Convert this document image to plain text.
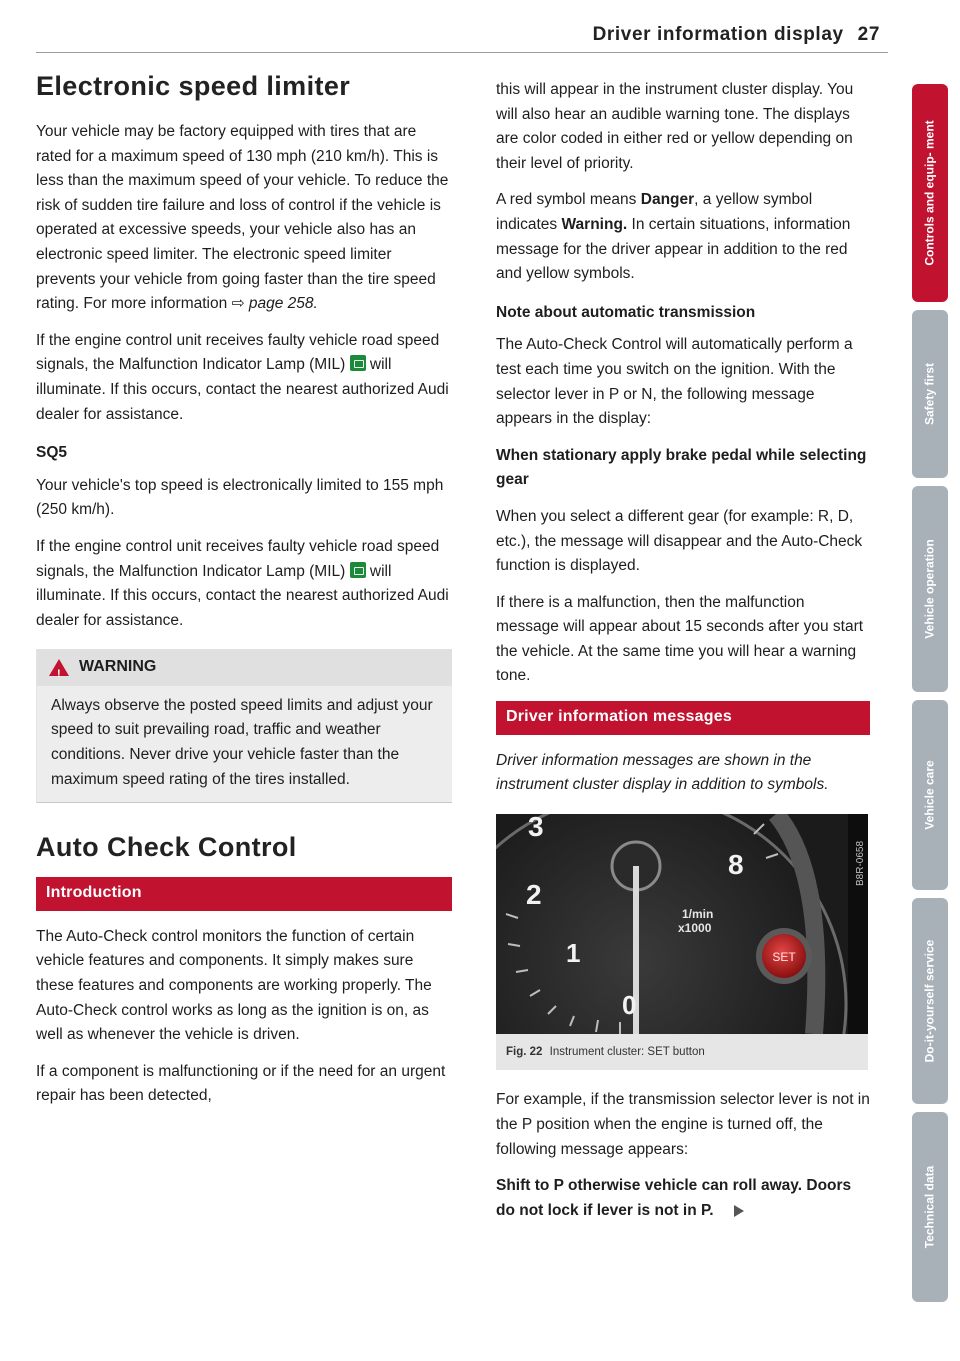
Driver information display 27
Electronic speed limiter

Your vehicle may be factory equipped with tires that are rated for a maximum speed of 130 mph (210 km/h). This is less than the maximum speed of your vehicle. To reduce the risk of sudden tire failure and loss of control if the vehicle is operated at excessive speeds, your vehicle also has an electronic speed limiter. The electronic speed limiter prevents your vehicle from going faster than the tire speed rating. For more information ⇨ page 258.

If the engine control unit receives faulty vehicle road speed signals, the Malfunction Indicator Lamp (MIL) will illuminate. If this occurs, contact the nearest authorized Audi dealer for assistance.

SQ5

Your vehicle's top speed is electronically limited to 155 mph (250 km/h).

If the engine control unit receives faulty vehicle road speed signals, the Malfunction Indicator Lamp (MIL) will illuminate. If this occurs, contact the nearest authorized Audi dealer for assistance.

!
WARNING
Always observe the posted speed limits and adjust your speed to suit prevailing road, traffic and weather conditions. Never drive your vehicle faster than the maximum speed rating of the tires installed.
Auto Check Control
Introduction

The Auto-Check control monitors the function of certain vehicle features and components. It simply makes sure these features and components are working properly. The Auto-Check control works as long as the ignition is on, as well as whenever the vehicle is driven.

If a component is malfunctioning or if the need for an urgent repair has been detected,

this will appear in the instrument cluster display. You will also hear an audible warning tone. The displays are color coded in either red or yellow depending on their level of priority.

A red symbol means Danger, a yellow symbol indicates Warning. In certain situations, information message for the driver appear in addition to the red and yellow symbols.

Note about automatic transmission

The Auto-Check Control will automatically perform a test each time you switch on the ignition. With the selector lever in P or N, the following message appears in the display:

When stationary apply brake pedal while selecting gear

When you select a different gear (for example: R, D, etc.), the message will disappear and the Auto-Check function is displayed.

If there is a malfunction, then the malfunction message will appear about 15 seconds after you start the vehicle. At the same time you will hear a warning tone.

Driver information messages

Driver information messages are shown in the instrument cluster display in addition to symbols.

3
2
1
8
0
1/min
x1000
SET
B8R-0658
Fig. 22 Instrument cluster: SET button

For example, if the transmission selector lever is not in the P position when the engine is turned off, the following message appears:

Shift to P otherwise vehicle can roll away. Doors do not lock if lever is not in P.

Controls and equip- ment
Safety first
Vehicle operation
Vehicle care
Do-it-yourself service
Technical data
